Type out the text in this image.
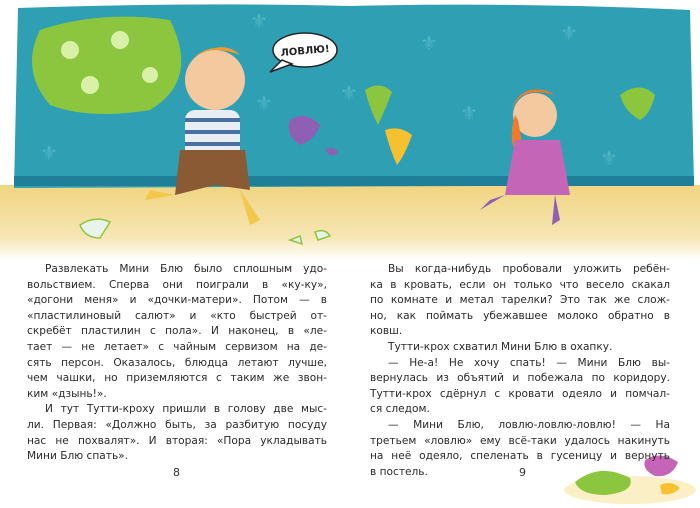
⚜
⚜
⚜	⚜
⚜
⚜
⚜	⚜
ЛОВЛЮ!
Развлекать Мини Блю было сплошным удо-
вольствием. Сперва они поиграли в «ку-ку»,
«догони меня» и «дочки-матери». Потом — в
«пластилиновый салют» и «кто быстрей от-
скребёт пластилин с пола». И наконец, в «ле-
тает — не летает» с чайным сервизом на де-
сять персон. Оказалось, блюдца летают лучше,
чем чашки, но приземляются с таким же звон-
ким «дзынь!».
И тут Тутти-кроху пришли в голову две мыс-
ли. Первая: «Должно быть, за разбитую посуду
нас не похвалят». И вторая: «Пора укладывать
Мини Блю спать».
Вы когда-нибудь пробовали уложить ребён-
ка в кровать, если он только что весело скакал
по комнате и метал тарелки? Это так же слож-
но, как поймать убежавшее молоко обратно в
ковш.
Тутти-крох схватил Мини Блю в охапку.
— Не-а! Не хочу спать! — Мини Блю вы-
вернулась из объятий и побежала по коридору.
Тутти-крох сдёрнул с кровати одеяло и помчал-
ся следом.
— Мини Блю, ловлю-ловлю-ловлю! — На
третьем «ловлю» ему всё-таки удалось накинуть
на неё одеяло, спеленать в гусеницу и вернуть
в постель.
8	9
